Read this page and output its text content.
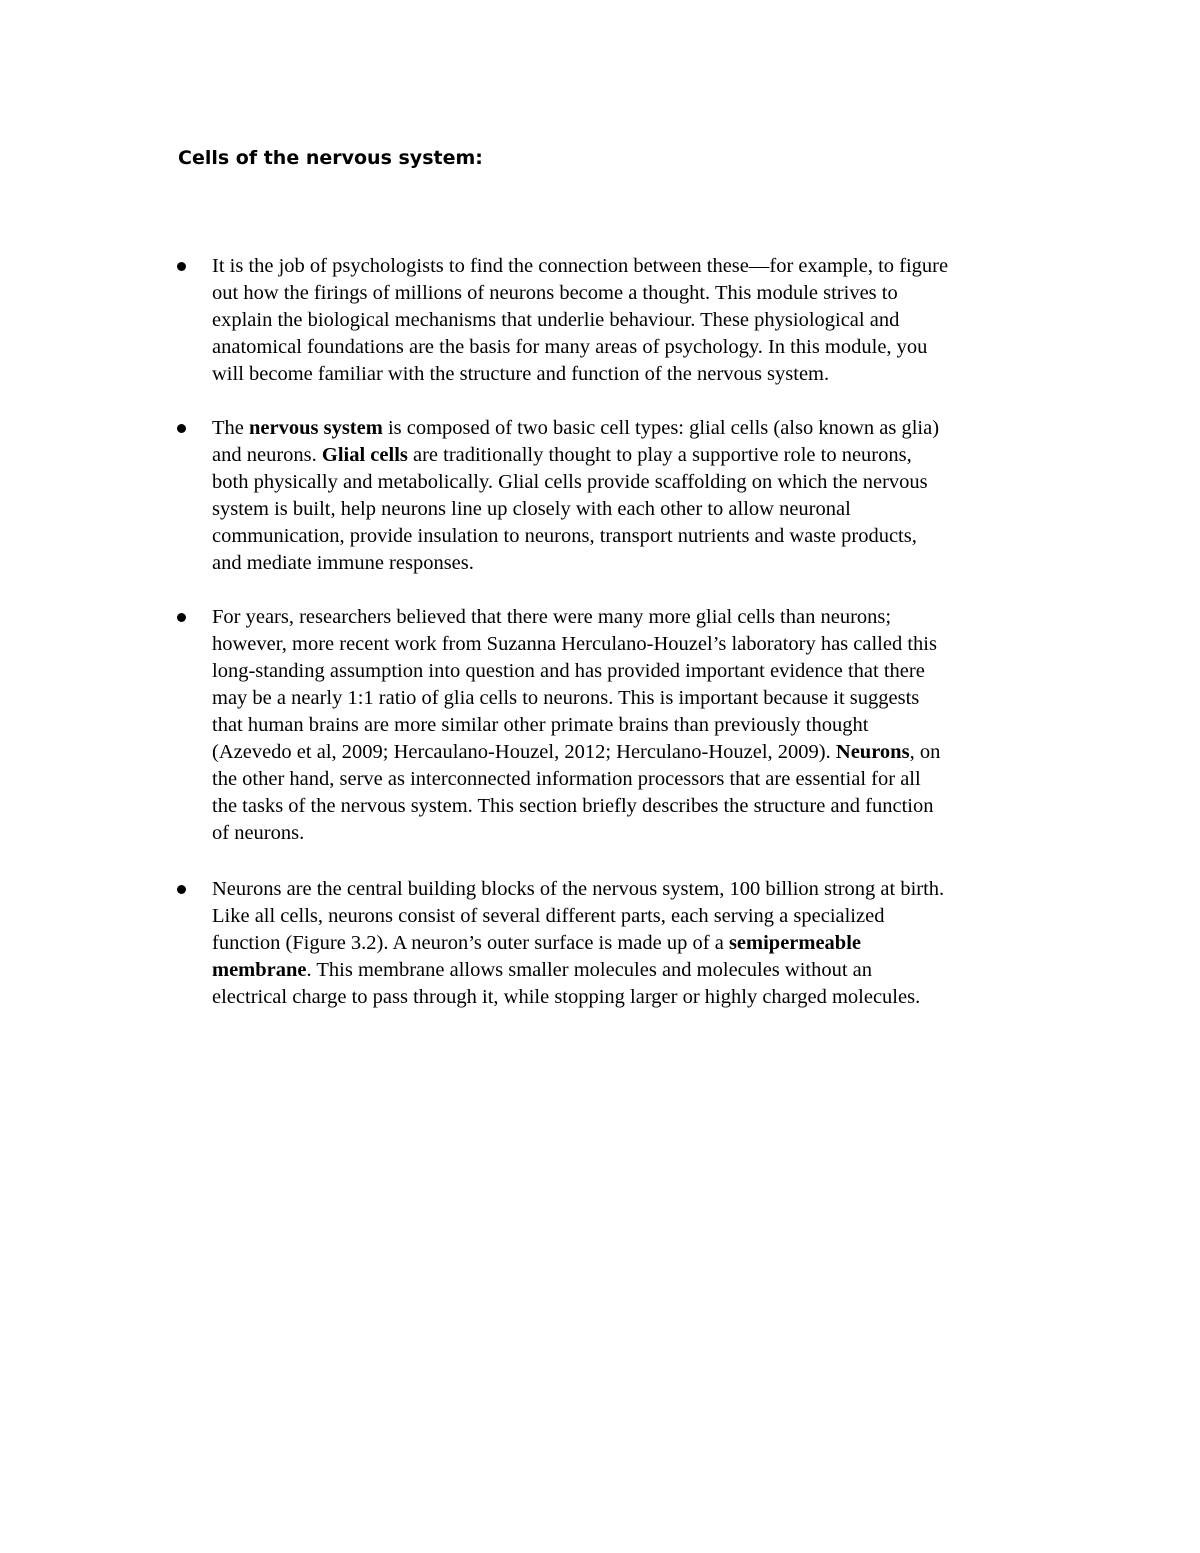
Cells of the nervous system:
It is the job of psychologists to find the connection between these—for example, to figure
out how the firings of millions of neurons become a thought. This module strives to
explain the biological mechanisms that underlie behaviour. These physiological and
anatomical foundations are the basis for many areas of psychology. In this module, you
will become familiar with the structure and function of the nervous system.
The nervous system is composed of two basic cell types: glial cells (also known as glia)
and neurons. Glial cells are traditionally thought to play a supportive role to neurons,
both physically and metabolically. Glial cells provide scaffolding on which the nervous
system is built, help neurons line up closely with each other to allow neuronal
communication, provide insulation to neurons, transport nutrients and waste products,
and mediate immune responses.
For years, researchers believed that there were many more glial cells than neurons;
however, more recent work from Suzanna Herculano-Houzel’s laboratory has called this
long-standing assumption into question and has provided important evidence that there
may be a nearly 1:1 ratio of glia cells to neurons. This is important because it suggests
that human brains are more similar other primate brains than previously thought
(Azevedo et al, 2009; Hercaulano-Houzel, 2012; Herculano-Houzel, 2009). Neurons, on
the other hand, serve as interconnected information processors that are essential for all
the tasks of the nervous system. This section briefly describes the structure and function
of neurons.
Neurons are the central building blocks of the nervous system, 100 billion strong at birth.
Like all cells, neurons consist of several different parts, each serving a specialized
function (Figure 3.2). A neuron’s outer surface is made up of a semipermeable
membrane. This membrane allows smaller molecules and molecules without an
electrical charge to pass through it, while stopping larger or highly charged molecules.
